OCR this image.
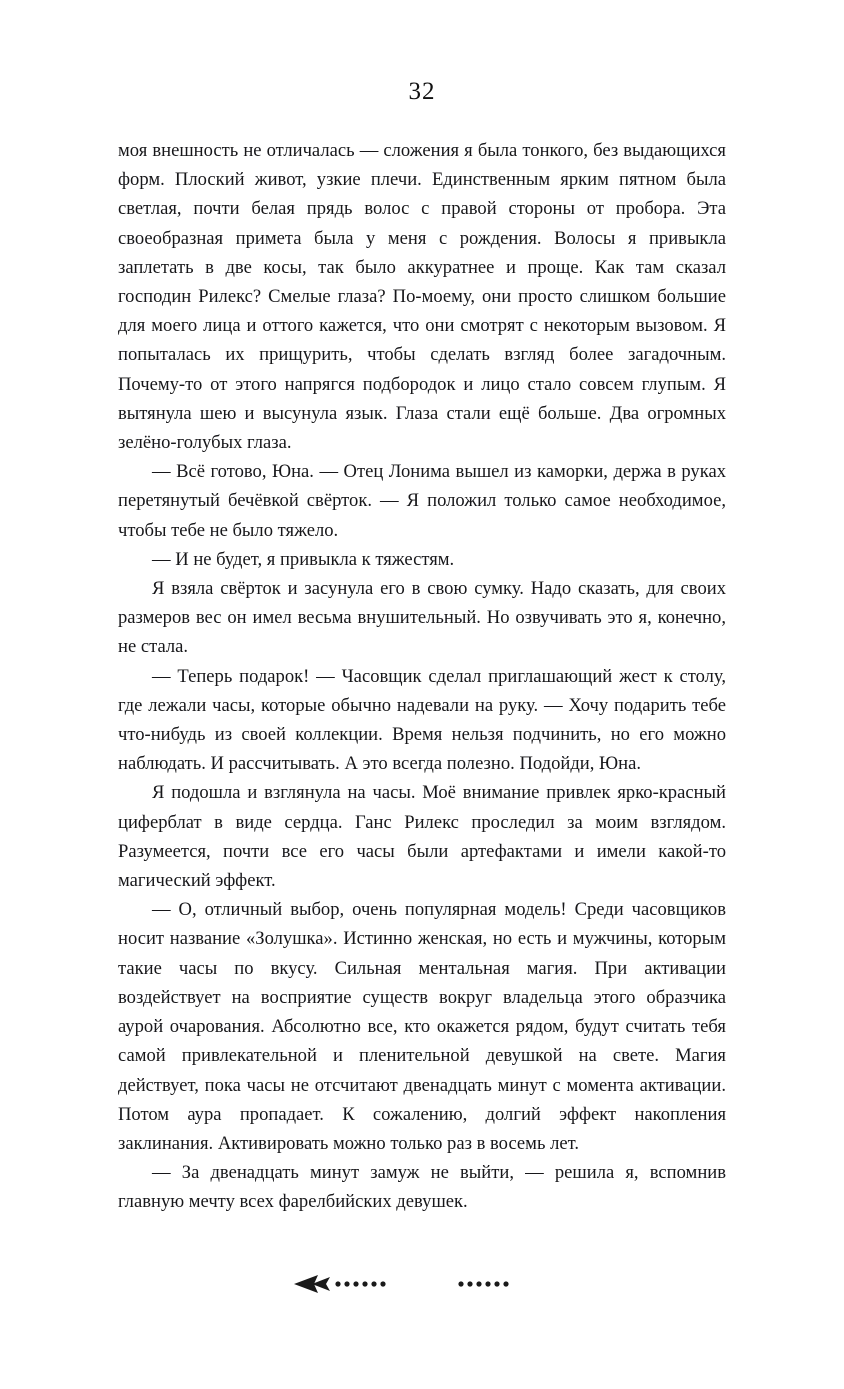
32

моя внешность не отличалась — сложения я была тонкого, без выдающихся форм. Плоский живот, узкие плечи. Единственным ярким пятном была светлая, почти белая прядь волос с правой стороны от пробора. Эта своеобразная примета была у меня с рождения. Волосы я привыкла заплетать в две косы, так было аккуратнее и проще. Как там сказал господин Рилекс? Смелые глаза? По-моему, они просто слишком большие для моего лица и оттого кажется, что они смотрят с некоторым вызовом. Я попыталась их прищурить, чтобы сделать взгляд более загадочным. Почему-то от этого напрягся подбородок и лицо стало совсем глупым. Я вытянула шею и высунула язык. Глаза стали ещё больше. Два огромных зелёно-голубых глаза.

— Всё готово, Юна. — Отец Лонима вышел из каморки, держа в руках перетянутый бечёвкой свёрток. — Я положил только самое необходимое, чтобы тебе не было тяжело.

— И не будет, я привыкла к тяжестям.

Я взяла свёрток и засунула его в свою сумку. Надо сказать, для своих размеров вес он имел весьма внушительный. Но озвучивать это я, конечно, не стала.

— Теперь подарок! — Часовщик сделал приглашающий жест к столу, где лежали часы, которые обычно надевали на руку. — Хочу подарить тебе что-нибудь из своей коллекции. Время нельзя подчинить, но его можно наблюдать. И рассчитывать. А это всегда полезно. Подойди, Юна.

Я подошла и взглянула на часы. Моё внимание привлек ярко-красный циферблат в виде сердца. Ганс Рилекс проследил за моим взглядом. Разумеется, почти все его часы были артефактами и имели какой-то магический эффект.

— О, отличный выбор, очень популярная модель! Среди часовщиков носит название «Золушка». Истинно женская, но есть и мужчины, которым такие часы по вкусу. Сильная ментальная магия. При активации воздействует на восприятие существ вокруг владельца этого образчика аурой очарования. Абсолютно все, кто окажется рядом, будут считать тебя самой привлекательной и пленительной девушкой на свете. Магия действует, пока часы не отсчитают двенадцать минут с момента активации. Потом аура пропадает. К сожалению, долгий эффект накопления заклинания. Активировать можно только раз в восемь лет.

— За двенадцать минут замуж не выйти, — решила я, вспомнив главную мечту всех фарелбийских девушек.
